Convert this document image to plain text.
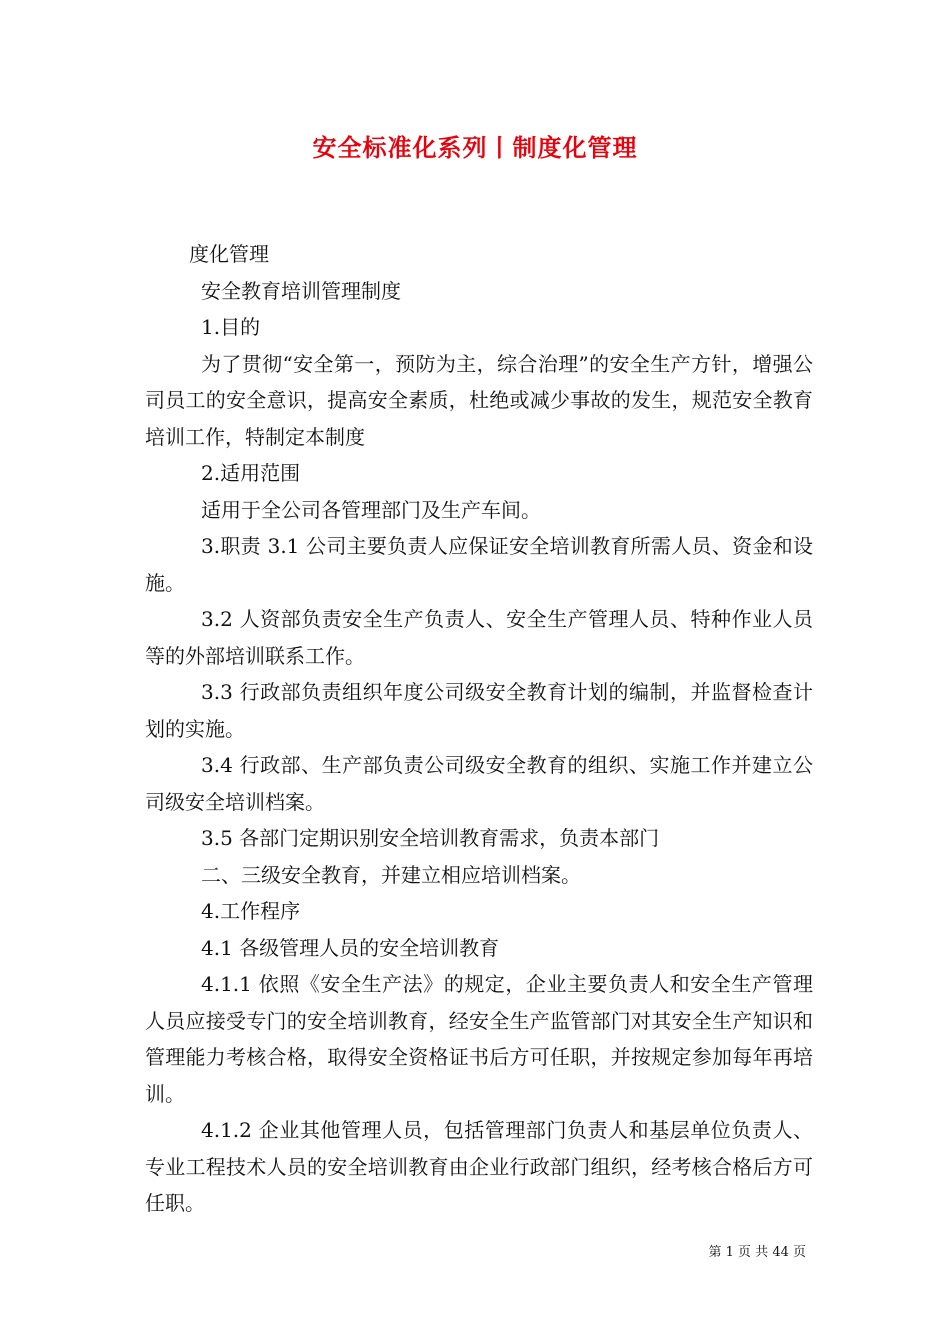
安全标准化系列丨制度化管理

度化管理

安全教育培训管理制度

1.目的

为了贯彻“安全第一，预防为主，综合治理”的安全生产方针，增强公司员工的安全意识，提高安全素质，杜绝或减少事故的发生，规范安全教育培训工作，特制定本制度

2.适用范围

适用于全公司各管理部门及生产车间。

3.职责 3.1 公司主要负责人应保证安全培训教育所需人员、资金和设施。

3.2 人资部负责安全生产负责人、安全生产管理人员、特种作业人员等的外部培训联系工作。

3.3 行政部负责组织年度公司级安全教育计划的编制，并监督检查计划的实施。

3.4 行政部、生产部负责公司级安全教育的组织、实施工作并建立公司级安全培训档案。

3.5 各部门定期识别安全培训教育需求，负责本部门

二、三级安全教育，并建立相应培训档案。

4.工作程序

4.1 各级管理人员的安全培训教育

4.1.1 依照《安全生产法》的规定，企业主要负责人和安全生产管理人员应接受专门的安全培训教育，经安全生产监管部门对其安全生产知识和管理能力考核合格，取得安全资格证书后方可任职，并按规定参加每年再培训。

4.1.2 企业其他管理人员，包括管理部门负责人和基层单位负责人、专业工程技术人员的安全培训教育由企业行政部门组织，经考核合格后方可任职。

第 1 页 共 44 页
